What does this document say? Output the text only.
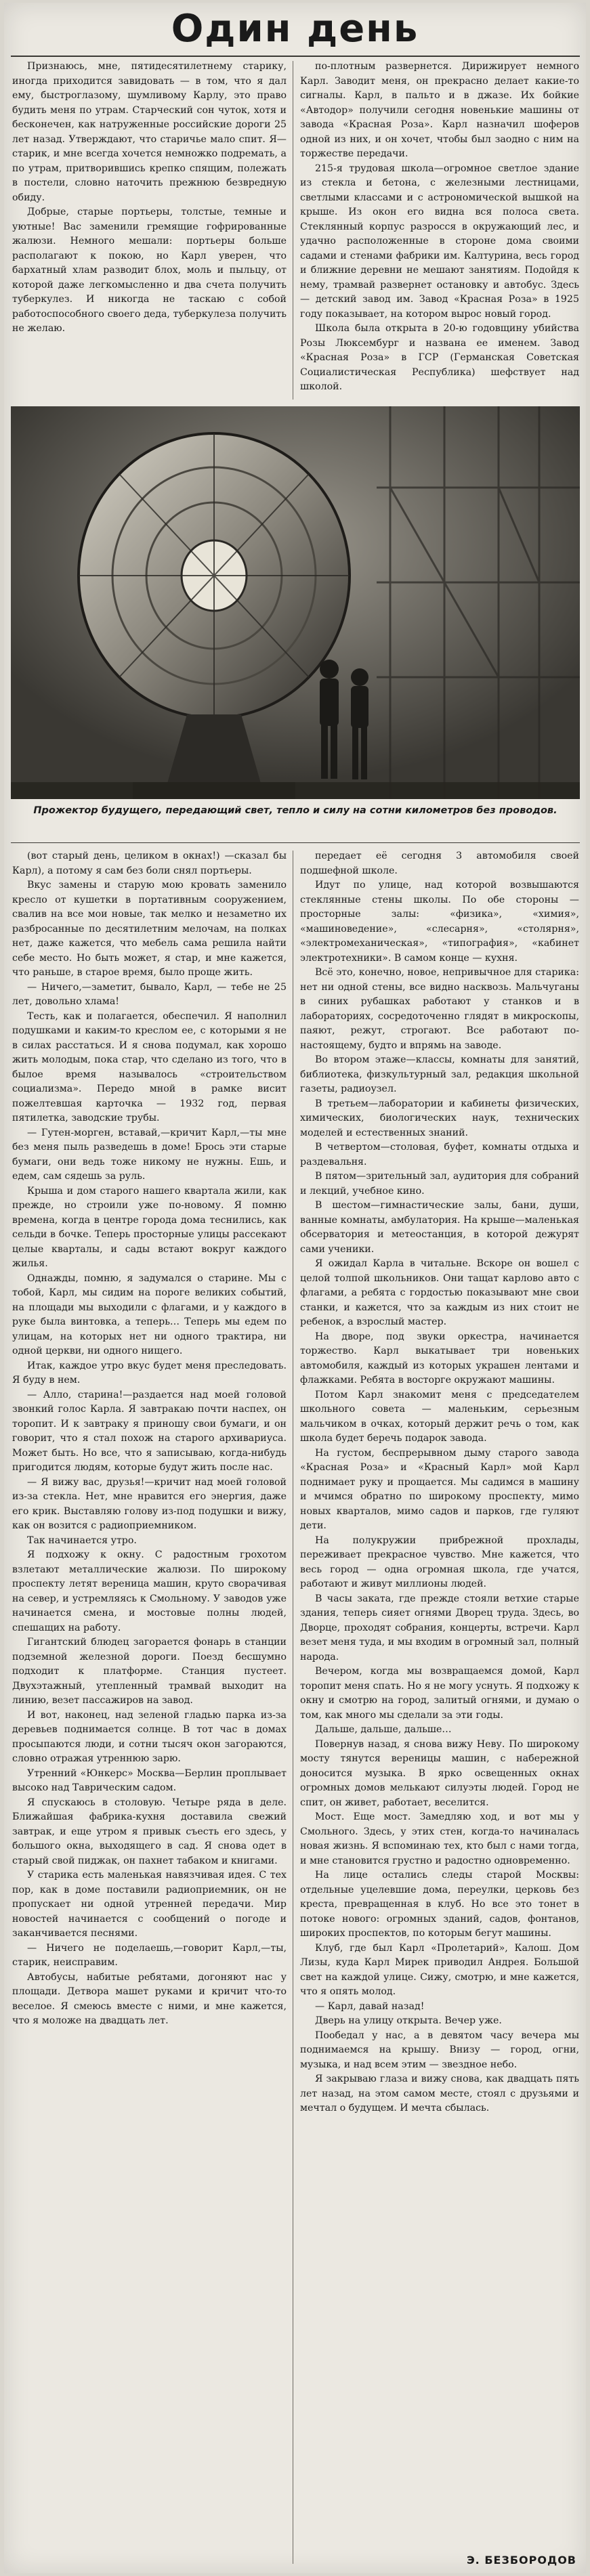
Один день

Признаюсь, мне, пятидесятилетнему старику, иногда приходится завидовать — в том, что я дал ему, быстроглазому, шумливому Карлу, это право будить меня по утрам. Старческий сон чуток, хотя и бесконечен, как натруженные российские дороги 25 лет назад. Утверждают, что старичье мало спит. Я—старик, и мне всегда хочется немножко подремать, а по утрам, притворившись крепко спящим, полежать в постели, словно наточить прежнюю безвредную обиду.

Добрые, старые портьеры, толстые, темные и уютные! Вас заменили гремящие гофрированные жалюзи. Немного мешали: портьеры больше располагают к покою, но Карл уверен, что бархатный хлам разводит блох, моль и пыльцу, от которой даже легкомысленно и два счета получить туберкулез. И никогда не таскаю с собой работоспособного своего деда, туберкулеза получить не желаю.

по-плотным развернется. Дирижирует немного Карл. Заводит меня, он прекрасно делает какие-то сигналы. Карл, в пальто и в джазе. Их бойкие «Автодор» получили сегодня новенькие машины от завода «Красная Роза». Карл назначил шоферов одной из них, и он хочет, чтобы был заодно с ним на торжестве передачи.

215-я трудовая школа—огромное светлое здание из стекла и бетона, с железными лестницами, светлыми классами и с астрономической вышкой на крыше. Из окон его видна вся полоса света. Стеклянный корпус разросся в окружающий лес, и удачно расположенные в стороне дома своими садами и стенами фабрики им. Калтурина, весь город и ближние деревни не мешают занятиям. Подойдя к нему, трамвай развернет остановку и автобус. Здесь — детский завод им. Завод «Красная Роза» в 1925 году показывает, на котором вырос новый город.

Школа была открыта в 20-ю годовщину убийства Розы Люксембург и названа ее именем. Завод «Красная Роза» в ГСР (Германская Советская Социалистическая Республика) шефствует над школой.

Прожектор будущего, передающий свет, тепло и силу на сотни километров без проводов.

(вот старый день, целиком в окнах!) —сказал бы Карл), а потому я сам без боли снял портьеры.

Вкус замены и старую мою кровать заменило кресло от кушетки в портативным сооружением, свалив на все мои новые, так мелко и незаметно их разбросанные по десятилетним мелочам, на полках нет, даже кажется, что мебель сама решила найти себе место. Но быть может, я стар, и мне кажется, что раньше, в старое время, было проще жить.

— Ничего,—заметит, бывало, Карл, — тебе не 25 лет, довольно хлама!

Тесть, как и полагается, обеспечил. Я наполнил подушками и каким-то креслом ее, с которыми я не в силах расстаться. И я снова подумал, как хорошо жить молодым, пока стар, что сделано из того, что в былое время называлось «строительством социализма». Передо мной в рамке висит пожелтевшая карточка — 1932 год, первая пятилетка, заводские трубы.

— Гутен-морген, вставай,—кричит Карл,—ты мне без меня пыль разведешь в доме! Брось эти старые бумаги, они ведь тоже никому не нужны. Ешь, и едем, сам сядешь за руль.

Крыша и дом старого нашего квартала жили, как прежде, но строили уже по-новому. Я помню времена, когда в центре города дома теснились, как сельди в бочке. Теперь просторные улицы рассекают целые кварталы, и сады встают вокруг каждого жилья.

Однажды, помню, я задумался о старине. Мы с тобой, Карл, мы сидим на пороге великих событий, на площади мы выходили с флагами, и у каждого в руке была винтовка, а теперь… Теперь мы едем по улицам, на которых нет ни одного трактира, ни одной церкви, ни одного нищего.

Итак, каждое утро вкус будет меня преследовать. Я буду в нем.

— Алло, старина!—раздается над моей головой звонкий голос Карла. Я завтракаю почти наспех, он торопит. И к завтраку я приношу свои бумаги, и он говорит, что я стал похож на старого архивариуса. Может быть. Но все, что я записываю, когда-нибудь пригодится людям, которые будут жить после нас.

— Я вижу вас, друзья!—кричит над моей головой из-за стекла. Нет, мне нравится его энергия, даже его крик. Выставляю голову из-под подушки и вижу, как он возится с радиоприемником.

Так начинается утро.

Я подхожу к окну. С радостным грохотом взлетают металлические жалюзи. По широкому проспекту летят вереница машин, круто сворачивая на север, и устремляясь к Смольному. У заводов уже начинается смена, и мостовые полны людей, спешащих на работу.

Гигантский блюдец загорается фонарь в станции подземной железной дороги. Поезд бесшумно подходит к платформе. Станция пустеет. Двухэтажный, утепленный трамвай выходит на линию, везет пассажиров на завод.

И вот, наконец, над зеленой гладью парка из-за деревьев поднимается солнце. В тот час в домах просыпаются люди, и сотни тысяч окон загораются, словно отражая утреннюю зарю.

Утренний «Юнкерс» Москва—Берлин проплывает высоко над Таврическим садом.

Я спускаюсь в столовую. Четыре ряда в деле. Ближайшая фабрика-кухня доставила свежий завтрак, и еще утром я привык съесть его здесь, у большого окна, выходящего в сад. Я снова одет в старый свой пиджак, он пахнет табаком и книгами.

У старика есть маленькая навязчивая идея. С тех пор, как в доме поставили радиоприемник, он не пропускает ни одной утренней передачи. Мир новостей начинается с сообщений о погоде и заканчивается песнями.

— Ничего не поделаешь,—говорит Карл,—ты, старик, неисправим.

Автобусы, набитые ребятами, догоняют нас у площади. Детвора машет руками и кричит что-то веселое. Я смеюсь вместе с ними, и мне кажется, что я моложе на двадцать лет.

передает её сегодня 3 автомобиля своей подшефной школе.

Идут по улице, над которой возвышаются стеклянные стены школы. По обе стороны — просторные залы: «физика», «химия», «машиноведение», «слесарня», «столярня», «электромеханическая», «типография», «кабинет электротехники». В самом конце — кухня.

Всё это, конечно, новое, непривычное для старика: нет ни одной стены, все видно насквозь. Мальчуганы в синих рубашках работают у станков и в лабораториях, сосредоточенно глядят в микроскопы, паяют, режут, строгают. Все работают по-настоящему, будто и впрямь на заводе.

Во втором этаже—классы, комнаты для занятий, библиотека, физкультурный зал, редакция школьной газеты, радиоузел.

В третьем—лаборатории и кабинеты физических, химических, биологических наук, технических моделей и естественных знаний.

В четвертом—столовая, буфет, комнаты отдыха и раздевальня.

В пятом—зрительный зал, аудитория для собраний и лекций, учебное кино.

В шестом—гимнастические залы, бани, души, ванные комнаты, амбулатория. На крыше—маленькая обсерватория и метеостанция, в которой дежурят сами ученики.

Я ожидал Карла в читальне. Вскоре он вошел с целой толпой школьников. Они тащат карлово авто с флагами, а ребята с гордостью показывают мне свои станки, и кажется, что за каждым из них стоит не ребенок, а взрослый мастер.

На дворе, под звуки оркестра, начинается торжество. Карл выкатывает три новеньких автомобиля, каждый из которых украшен лентами и флажками. Ребята в восторге окружают машины.

Потом Карл знакомит меня с председателем школьного совета — маленьким, серьезным мальчиком в очках, который держит речь о том, как школа будет беречь подарок завода.

На густом, беспрерывном дыму старого завода «Красная Роза» и «Красный Карл» мой Карл поднимает руку и прощается. Мы садимся в машину и мчимся обратно по широкому проспекту, мимо новых кварталов, мимо садов и парков, где гуляют дети.

На полукружии прибрежной прохлады, переживает прекрасное чувство. Мне кажется, что весь город — одна огромная школа, где учатся, работают и живут миллионы людей.

В часы заката, где прежде стояли ветхие старые здания, теперь сияет огнями Дворец труда. Здесь, во Дворце, проходят собрания, концерты, встречи. Карл везет меня туда, и мы входим в огромный зал, полный народа.

Вечером, когда мы возвращаемся домой, Карл торопит меня спать. Но я не могу уснуть. Я подхожу к окну и смотрю на город, залитый огнями, и думаю о том, как много мы сделали за эти годы.

Дальше, дальше, дальше…

Повернув назад, я снова вижу Неву. По широкому мосту тянутся вереницы машин, с набережной доносится музыка. В ярко освещенных окнах огромных домов мелькают силуэты людей. Город не спит, он живет, работает, веселится.

Мост. Еще мост. Замедляю ход, и вот мы у Смольного. Здесь, у этих стен, когда-то начиналась новая жизнь. Я вспоминаю тех, кто был с нами тогда, и мне становится грустно и радостно одновременно.

На лице остались следы старой Москвы: отдельные уцелевшие дома, переулки, церковь без креста, превращенная в клуб. Но все это тонет в потоке нового: огромных зданий, садов, фонтанов, широких проспектов, по которым бегут машины.

Клуб, где был Карл «Пролетарий», Калош. Дом Лизы, куда Карл Мирек приводил Андрея. Большой свет на каждой улице. Сижу, смотрю, и мне кажется, что я опять молод.

— Карл, давай назад!

Дверь на улицу открыта. Вечер уже.

Пообедал у нас, а в девятом часу вечера мы поднимаемся на крышу. Внизу — город, огни, музыка, и над всем этим — звездное небо.

Я закрываю глаза и вижу снова, как двадцать пять лет назад, на этом самом месте, стоял с друзьями и мечтал о будущем. И мечта сбылась.

Э. БЕЗБОРОДОВ
